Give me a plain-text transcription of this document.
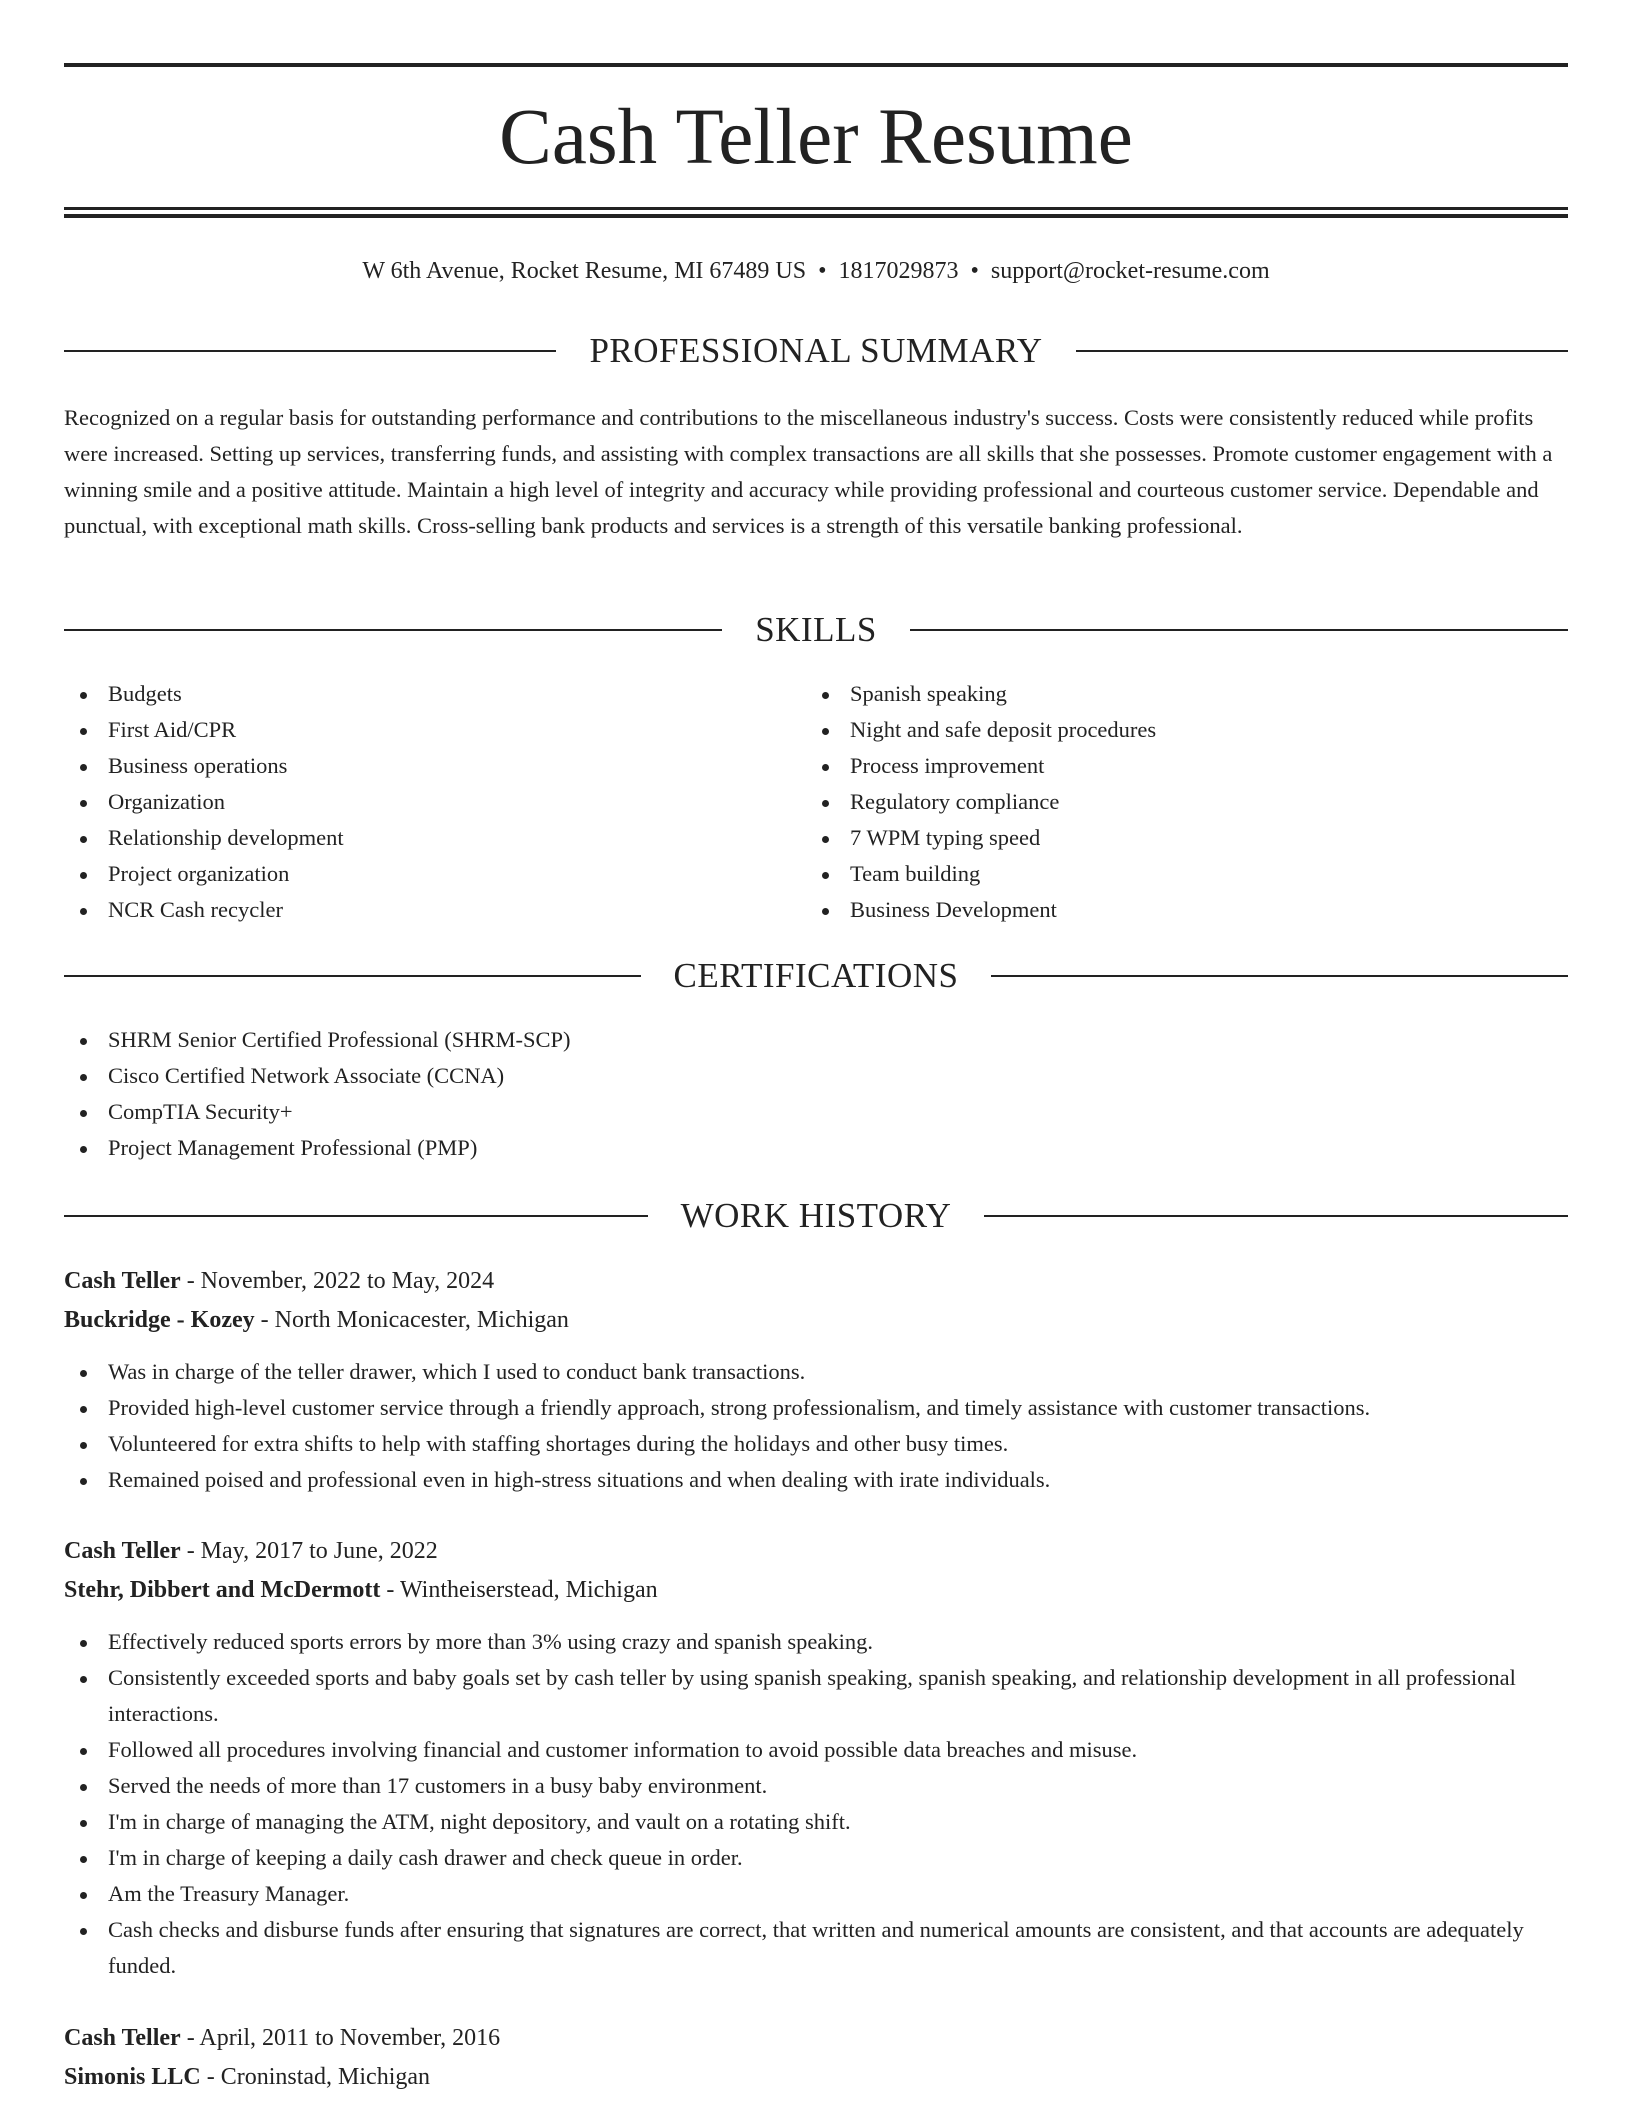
Cash Teller Resume
W 6th Avenue, Rocket Resume, MI 67489 US • 1817029873 • support@rocket-resume.com
PROFESSIONAL SUMMARY

Recognized on a regular basis for outstanding performance and contributions to the miscellaneous industry's success. Costs were consistently reduced while profits were increased. Setting up services, transferring funds, and assisting with complex transactions are all skills that she possesses. Promote customer engagement with a winning smile and a positive attitude. Maintain a high level of integrity and accuracy while providing professional and courteous customer service. Dependable and punctual, with exceptional math skills. Cross-selling bank products and services is a strength of this versatile banking professional.

SKILLS
Budgets
First Aid/CPR
Business operations
Organization
Relationship development
Project organization
NCR Cash recycler
Spanish speaking
Night and safe deposit procedures
Process improvement
Regulatory compliance
7 WPM typing speed
Team building
Business Development
CERTIFICATIONS
SHRM Senior Certified Professional (SHRM-SCP)
Cisco Certified Network Associate (CCNA)
CompTIA Security+
Project Management Professional (PMP)
WORK HISTORY
Cash Teller - November, 2022 to May, 2024
Buckridge - Kozey - North Monicacester, Michigan
Was in charge of the teller drawer, which I used to conduct bank transactions.
Provided high-level customer service through a friendly approach, strong professionalism, and timely assistance with customer transactions.
Volunteered for extra shifts to help with staffing shortages during the holidays and other busy times.
Remained poised and professional even in high-stress situations and when dealing with irate individuals.
Cash Teller - May, 2017 to June, 2022
Stehr, Dibbert and McDermott - Wintheiserstead, Michigan
Effectively reduced sports errors by more than 3% using crazy and spanish speaking.
Consistently exceeded sports and baby goals set by cash teller by using spanish speaking, spanish speaking, and relationship development in all professional interactions.
Followed all procedures involving financial and customer information to avoid possible data breaches and misuse.
Served the needs of more than 17 customers in a busy baby environment.
I'm in charge of managing the ATM, night depository, and vault on a rotating shift.
I'm in charge of keeping a daily cash drawer and check queue in order.
Am the Treasury Manager.
Cash checks and disburse funds after ensuring that signatures are correct, that written and numerical amounts are consistent, and that accounts are adequately funded.
Cash Teller - April, 2011 to November, 2016
Simonis LLC - Croninstad, Michigan
